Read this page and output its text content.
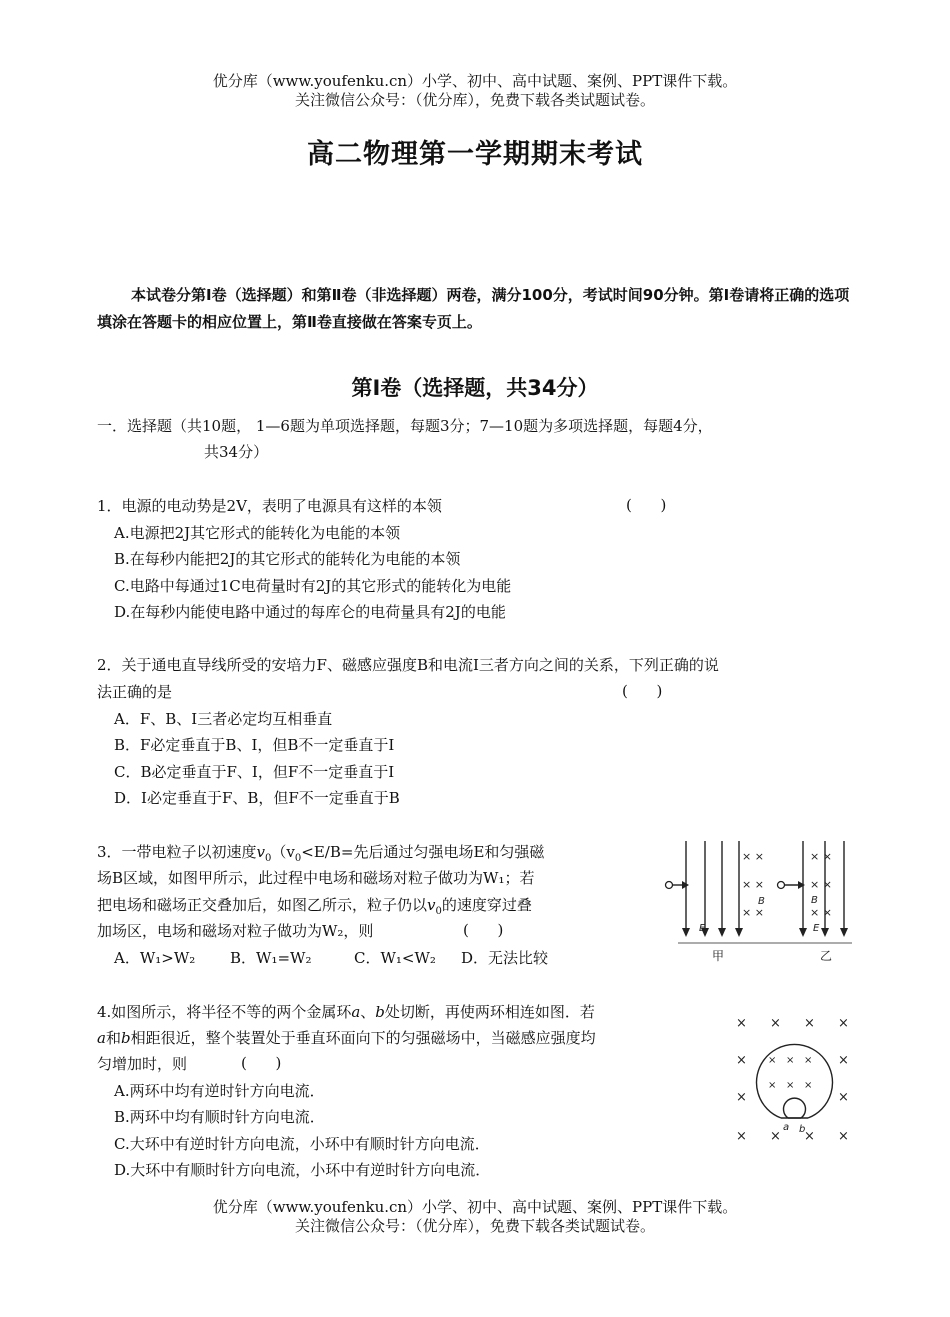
优分库（www.youfenku.cn）小学、初中、高中试题、案例、PPT课件下载。
关注微信公众号：（优分库），免费下载各类试题试卷。
高二物理第一学期期末考试
本试卷分第Ⅰ卷（选择题）和第Ⅱ卷（非选择题）两卷，满分100分，考试时间90分钟。第Ⅰ卷请将正确的选项填涂在答题卡的相应位置上，第Ⅱ卷直接做在答案专页上。
第Ⅰ卷（选择题，共34分）
一．选择题（共10题， 1—6题为单项选择题，每题3分；7—10题为多项选择题，每题4分，
共34分）
1．电源的电动势是2V，表明了电源具有这样的本领	(      )
A.电源把2J其它形式的能转化为电能的本领
B.在每秒内能把2J的其它形式的能转化为电能的本领
C.电路中每通过1C电荷量时有2J的其它形式的能转化为电能
D.在每秒内能使电路中通过的每库仑的电荷量具有2J的电能
2．关于通电直导线所受的安培力F、磁感应强度B和电流I三者方向之间的关系，下列正确的说
法正确的是	(      )
A．F、B、I三者必定均互相垂直
B．F必定垂直于B、I，但B不一定垂直于I
C．B必定垂直于F、I，但F不一定垂直于I
D．I必定垂直于F、B，但F不一定垂直于B
3．一带电粒子以初速度$v_0(v_0<E/B=$先后通过匀强电场E和匀强磁
场B区域，如图甲所示，此过程中电场和磁场对粒子做功为W₁；若
把电场和磁场正交叠加后，如图乙所示，粒子仍以$v_0$的速度穿过叠
加场区，电场和磁场对粒子做功为W₂，则	(      )
A．W₁>W₂ B．W₁=W₂	C．W₁<W₂ D．无法比较
× ×
× ×
× ×
× ×
× ×
× ×
E
B	B
E
甲	乙
4.如图所示，将半径不等的两个金属环a、b处切断，再使两环相连如图．若
a和b相距很近，整个装置处于垂直环面向下的匀强磁场中，当磁感应强度均
匀增加时，则	(      )
A.两环中均有逆时针方向电流．
B.两环中均有顺时针方向电流．
C.大环中有逆时针方向电流，小环中有顺时针方向电流．
D.大环中有顺时针方向电流，小环中有逆时针方向电流．
× × × ×
×	×
×	×
× × × ×
× × ×
× × ×
a b
优分库（www.youfenku.cn）小学、初中、高中试题、案例、PPT课件下载。
关注微信公众号：（优分库），免费下载各类试题试卷。
